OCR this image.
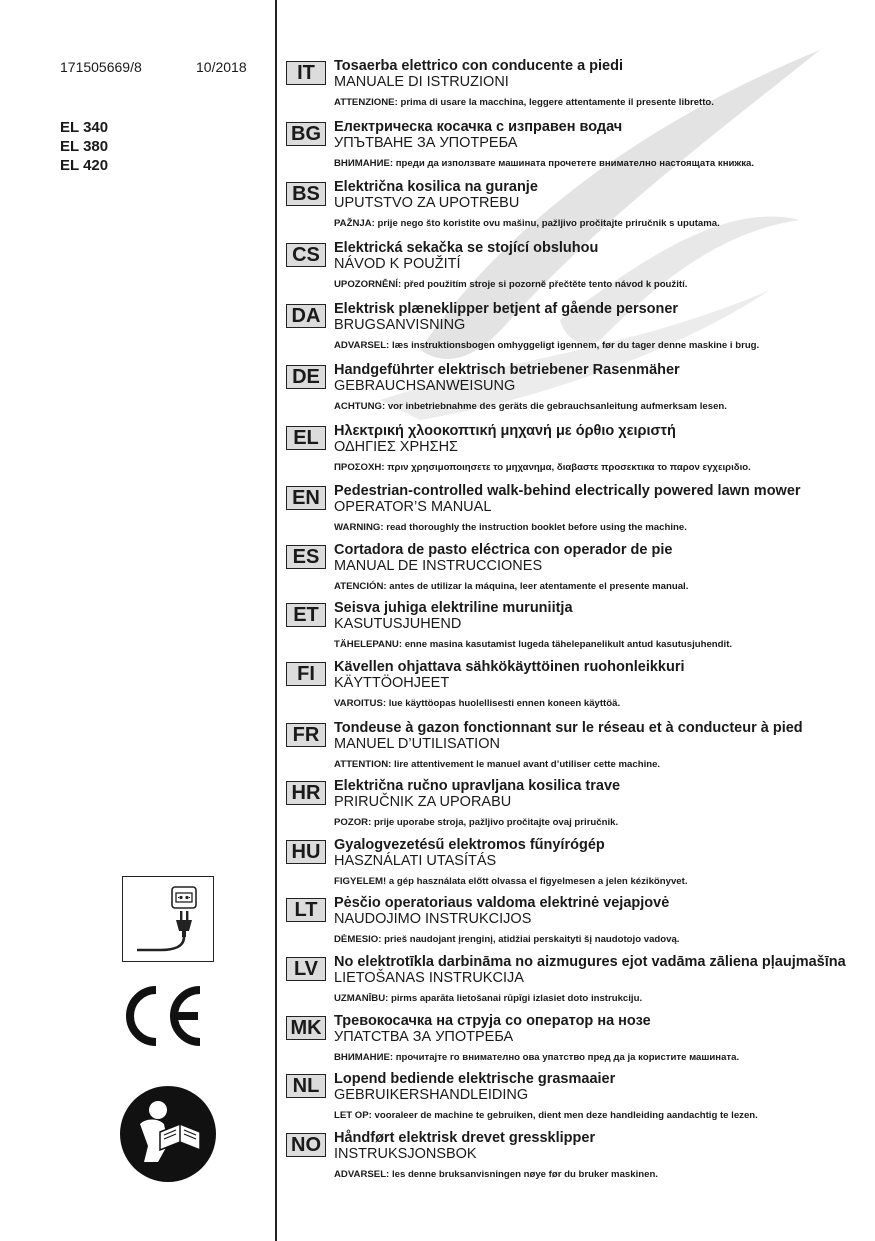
171505669/8	10/2018
EL 340
EL 380
EL 420
IT	Tosaerba elettrico con conducente a piedi
MANUALE DI ISTRUZIONI
ATTENZIONE: prima di usare la macchina, leggere attentamente il presente libretto.
BG Електрическа косачка с изправен водач
УПЪТВАНЕ ЗА УПОТРЕБА
ВНИМАНИЕ: преди да използвате машината прочетете внимателно настоящата книжка.
BS Električna kosilica na guranje
UPUTSTVO ZA UPOTREBU
PAŽNJA: prije nego što koristite ovu mašinu, pažljivo pročitajte priručnik s uputama.
CS Elektrická sekačka se stojící obsluhou
NÁVOD K POUŽITÍ
UPOZORNĚNÍ: před použitím stroje si pozorně přečtěte tento návod k použití.
DA Elektrisk plæneklipper betjent af gående personer
BRUGSANVISNING
ADVARSEL: læs instruktionsbogen omhyggeligt igennem, før du tager denne maskine i brug.
DE Handgeführter elektrisch betriebener Rasenmäher
GEBRAUCHSANWEISUNG
ACHTUNG: vor inbetriebnahme des geräts die gebrauchsanleitung aufmerksam lesen.
EL	Ηλεκτρική χλοοκοπτική μηχανή με όρθιο χειριστή
ΟΔΗΓΙΕΣ ΧΡΗΣΗΣ
ΠΡΟΣΟΧΗ: πριν χρησιμοποιησετε το μηχανημα, διαβαστε προσεκτικα το παρον εγχειριδιο.
EN Pedestrian-controlled walk-behind electrically powered lawn mower
OPERATOR’S MANUAL
WARNING: read thoroughly the instruction booklet before using the machine.
ES	Cortadora de pasto eléctrica con operador de pie
MANUAL DE INSTRUCCIONES
ATENCIÓN: antes de utilizar la máquina, leer atentamente el presente manual.
ET	Seisva juhiga elektriline muruniitja
KASUTUSJUHEND
TÄHELEPANU: enne masina kasutamist lugeda tähelepanelikult antud kasutusjuhendit.
FI	Kävellen ohjattava sähkökäyttöinen ruohonleikkuri
KÄYTTÖOHJEET
VAROITUS: lue käyttöopas huolellisesti ennen koneen käyttöä.
FR	Tondeuse à gazon fonctionnant sur le réseau et à conducteur à pied
MANUEL D’UTILISATION
ATTENTION: lire attentivement le manuel avant d’utiliser cette machine.
HR Električna ručno upravljana kosilica trave
PRIRUČNIK ZA UPORABU
POZOR: prije uporabe stroja, pažljivo pročitajte ovaj priručnik.
HU Gyalogvezetésű elektromos fűnyírógép
HASZNÁLATI UTASÍTÁS
FIGYELEM! a gép használata előtt olvassa el figyelmesen a jelen kézikönyvet.
LT	Pėsčio operatoriaus valdoma elektrinė vejapjovė
NAUDOJIMO INSTRUKCIJOS
DĖMESIO: prieš naudojant įrenginį, atidžiai perskaityti šį naudotojo vadovą.
LV	No elektrotīkla darbināma no aizmugures ejot vadāma zāliena pļaujmašīna
LIETOŠANAS INSTRUKCIJA
UZMANĪBU: pirms aparāta lietošanai rūpīgi izlasiet doto instrukciju.
MK Тревокосачка на струја со оператор на нозе
УПАТСТВА ЗА УПОТРЕБА
ВНИМАНИЕ: прочитајте го внимателно ова упатство пред да ја користите машината.
NL	Lopend bediende elektrische grasmaaier
GEBRUIKERSHANDLEIDING
LET OP: vooraleer de machine te gebruiken, dient men deze handleiding aandachtig te lezen.
NO Håndført elektrisk drevet gressklipper
INSTRUKSJONSBOK
ADVARSEL: les denne bruksanvisningen nøye før du bruker maskinen.
